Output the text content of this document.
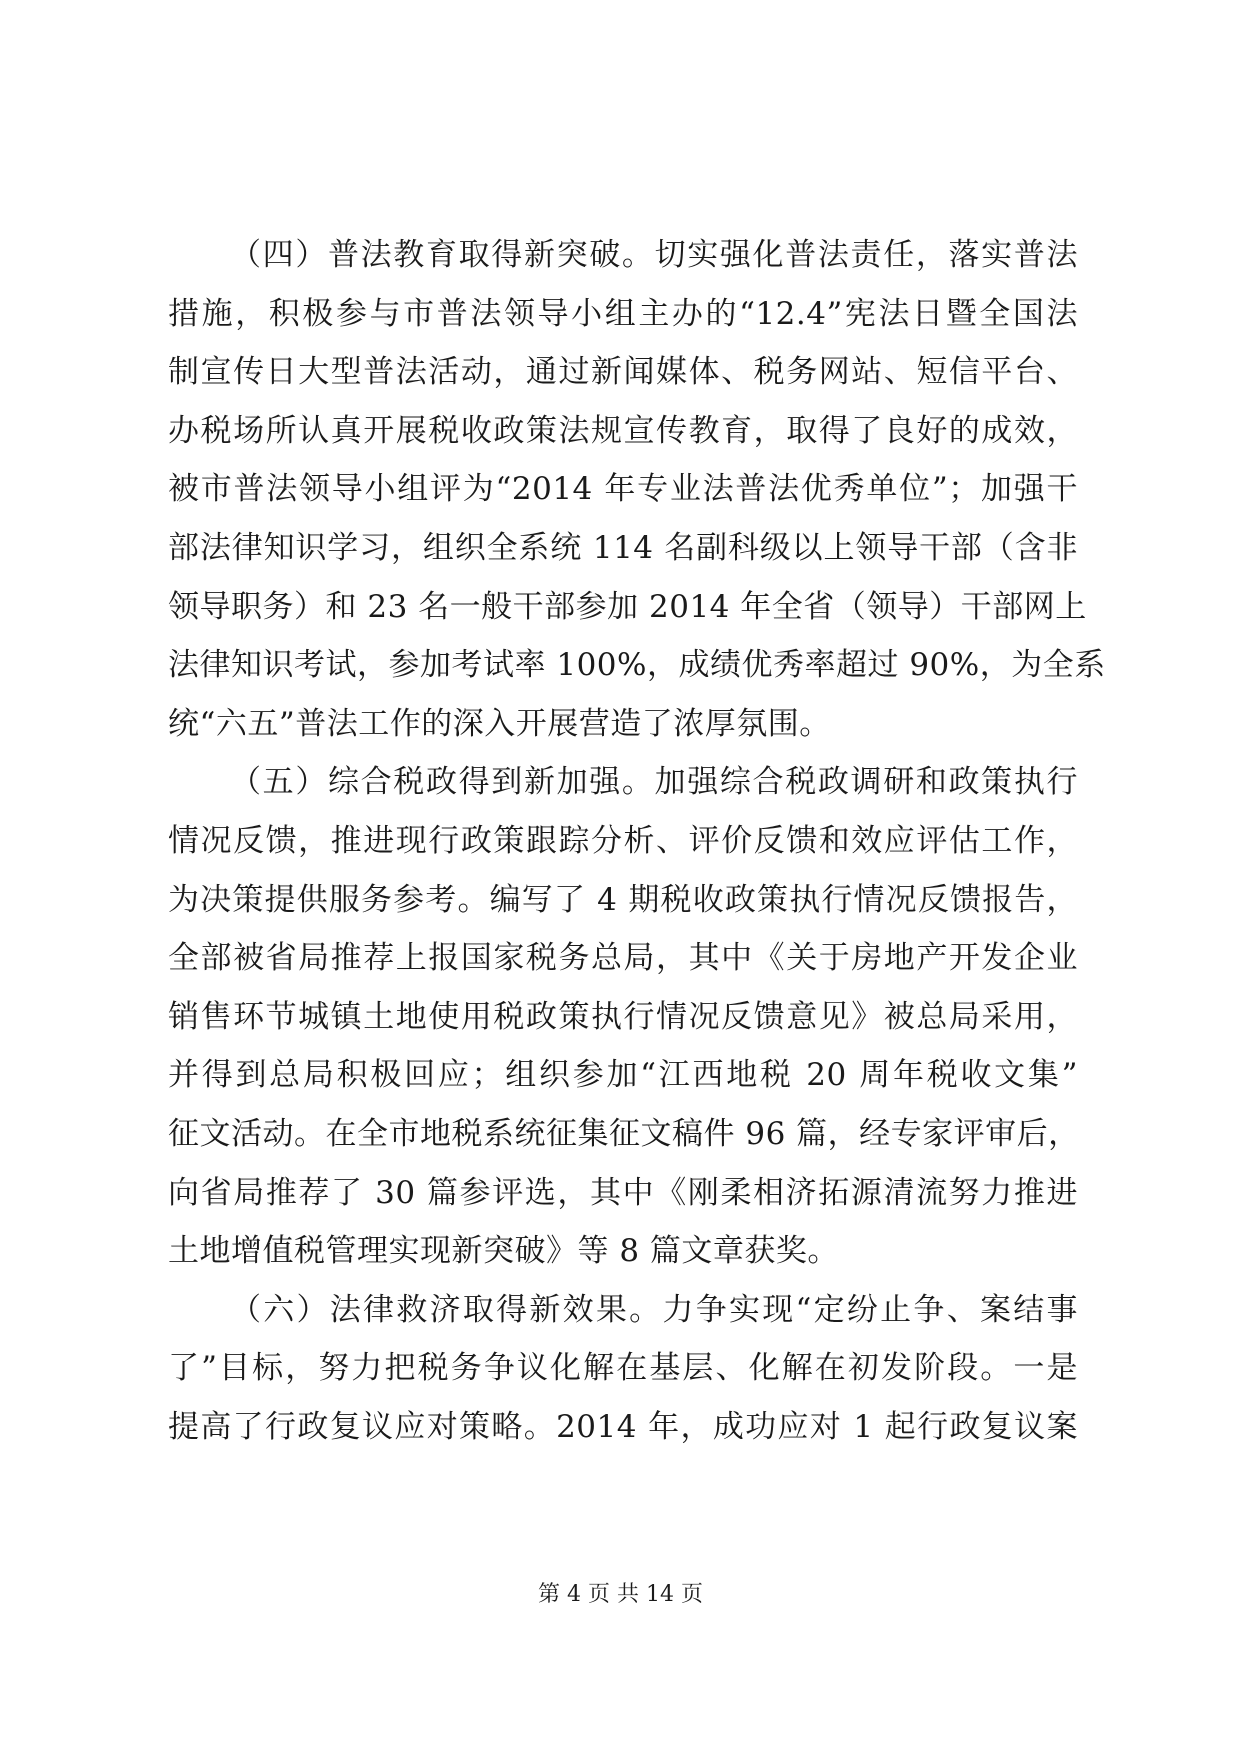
（四）普法教育取得新突破。切实强化普法责任，落实普法
措施，积极参与市普法领导小组主办的“12.4”宪法日暨全国法
制宣传日大型普法活动，通过新闻媒体、税务网站、短信平台、
办税场所认真开展税收政策法规宣传教育，取得了良好的成效，
被市普法领导小组评为“2014 年专业法普法优秀单位”；加强干
部法律知识学习，组织全系统 114 名副科级以上领导干部（含非
领导职务）和 23 名一般干部参加 2014 年全省（领导）干部网上
法律知识考试，参加考试率 100%，成绩优秀率超过 90%，为全系
统“六五”普法工作的深入开展营造了浓厚氛围。
（五）综合税政得到新加强。加强综合税政调研和政策执行
情况反馈，推进现行政策跟踪分析、评价反馈和效应评估工作，
为决策提供服务参考。编写了 4 期税收政策执行情况反馈报告，
全部被省局推荐上报国家税务总局，其中《关于房地产开发企业
销售环节城镇土地使用税政策执行情况反馈意见》被总局采用，
并得到总局积极回应；组织参加“江西地税 20 周年税收文集”
征文活动。在全市地税系统征集征文稿件 96 篇，经专家评审后，
向省局推荐了 30 篇参评选，其中《刚柔相济拓源清流努力推进
土地增值税管理实现新突破》等 8 篇文章获奖。
（六）法律救济取得新效果。力争实现“定纷止争、案结事
了”目标，努力把税务争议化解在基层、化解在初发阶段。一是
提高了行政复议应对策略。2014 年，成功应对 1 起行政复议案
第 4 页 共 14 页
